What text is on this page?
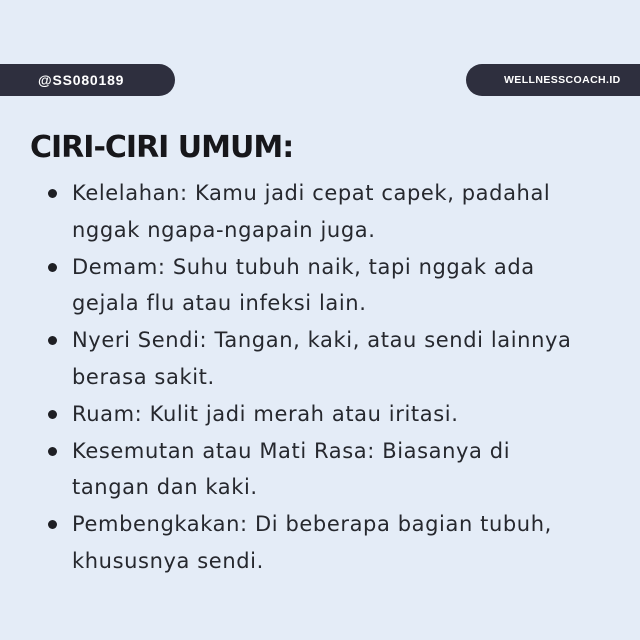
@SS080189	WELLNESSCOACH.ID
CIRI-CIRI UMUM:
Kelelahan: Kamu jadi cepat capek, padahal nggak ngapa-ngapain juga.
Demam: Suhu tubuh naik, tapi nggak ada gejala flu atau infeksi lain.
Nyeri Sendi: Tangan, kaki, atau sendi lainnya berasa sakit.
Ruam: Kulit jadi merah atau iritasi.
Kesemutan atau Mati Rasa: Biasanya di tangan dan kaki.
Pembengkakan: Di beberapa bagian tubuh, khususnya sendi.
